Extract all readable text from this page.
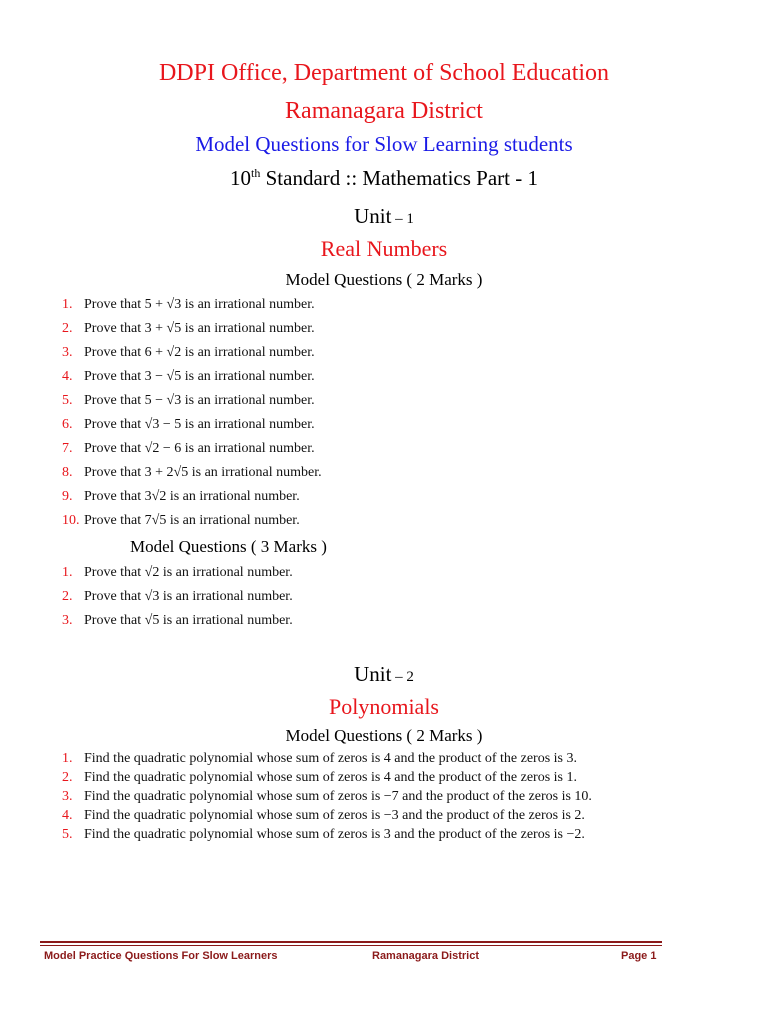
DDPI Office, Department of School Education
Ramanagara District
Model Questions for Slow Learning students
10th Standard :: Mathematics Part - 1
Unit – 1
Real Numbers
Model Questions ( 2 Marks )
1. Prove that 5 + √3 is an irrational number.
2. Prove that 3 + √5 is an irrational number.
3. Prove that 6 + √2 is an irrational number.
4. Prove that 3 − √5 is an irrational number.
5. Prove that 5 − √3 is an irrational number.
6. Prove that √3 − 5 is an irrational number.
7. Prove that √2 − 6 is an irrational number.
8. Prove that 3 + 2√5 is an irrational number.
9. Prove that 3√2 is an irrational number.
10. Prove that 7√5 is an irrational number.
Model Questions ( 3 Marks )
1. Prove that √2 is an irrational number.
2. Prove that √3 is an irrational number.
3. Prove that √5 is an irrational number.
Unit – 2
Polynomials
Model Questions ( 2 Marks )
1. Find the quadratic polynomial whose sum of zeros is 4 and the product of the zeros is 3.
2. Find the quadratic polynomial whose sum of zeros is 4 and the product of the zeros is 1.
3. Find the quadratic polynomial whose sum of zeros is −7 and the product of the zeros is 10.
4. Find the quadratic polynomial whose sum of zeros is −3 and the product of the zeros is 2.
5. Find the quadratic polynomial whose sum of zeros is 3 and the product of the zeros is −2.
Model Practice Questions For Slow Learners	Ramanagara District	Page 1
